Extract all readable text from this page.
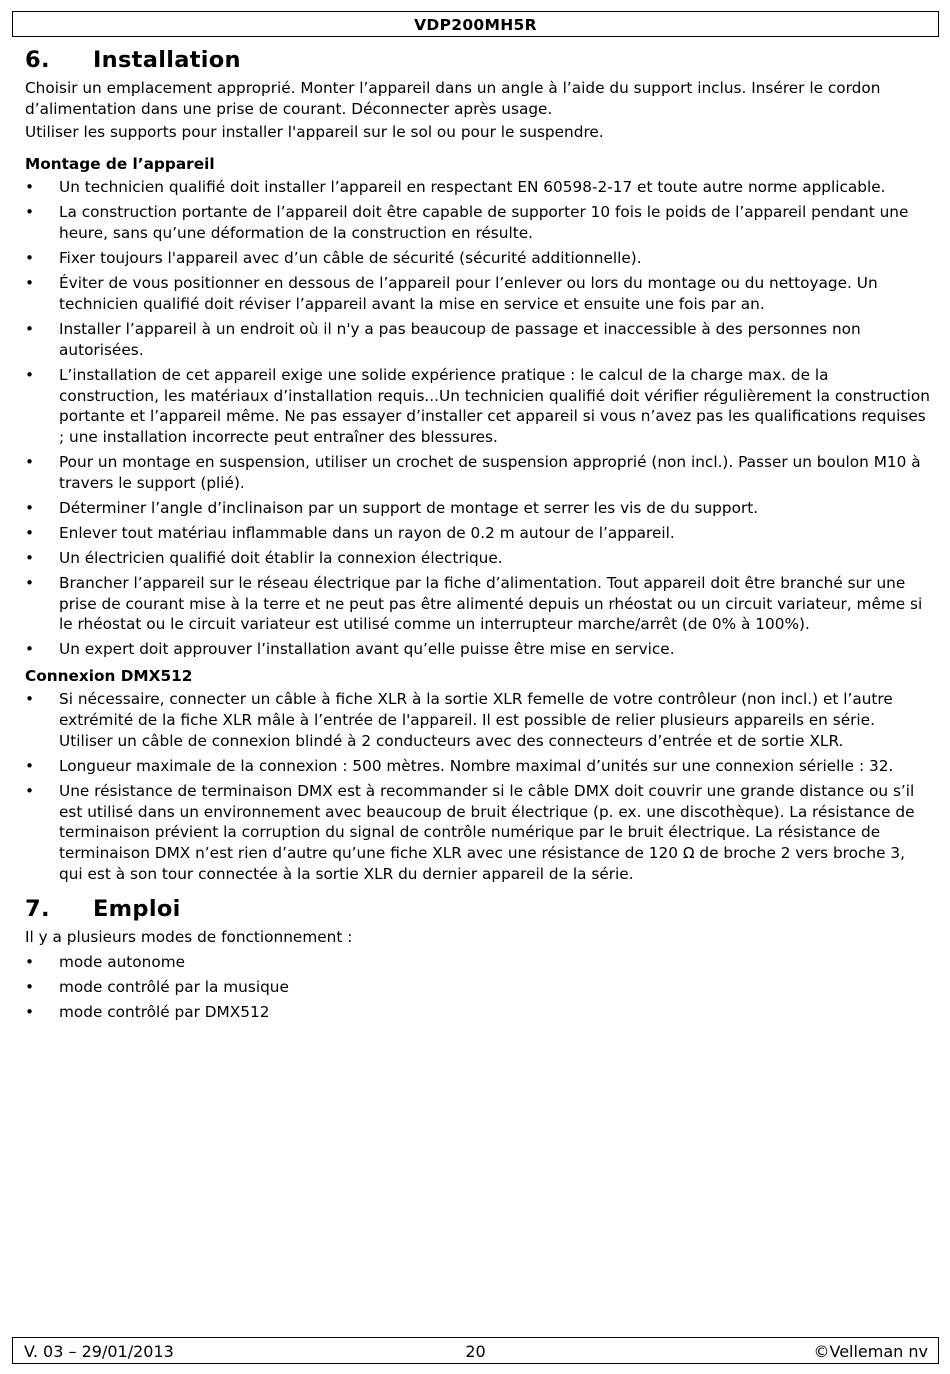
VDP200MH5R
6. Installation
Choisir un emplacement approprié. Monter l’appareil dans un angle à l’aide du support inclus. Insérer le cordon d’alimentation dans une prise de courant. Déconnecter après usage.
Utiliser les supports pour installer l'appareil sur le sol ou pour le suspendre.
Montage de l’appareil
• Un technicien qualifié doit installer l’appareil en respectant EN 60598-2-17 et toute autre norme applicable.
• La construction portante de l’appareil doit être capable de supporter 10 fois le poids de l’appareil pendant une heure, sans qu’une déformation de la construction en résulte.
• Fixer toujours l'appareil avec d’un câble de sécurité (sécurité additionnelle).
• Éviter de vous positionner en dessous de l’appareil pour l’enlever ou lors du montage ou du nettoyage. Un technicien qualifié doit réviser l’appareil avant la mise en service et ensuite une fois par an.
• Installer l’appareil à un endroit où il n'y a pas beaucoup de passage et inaccessible à des personnes non autorisées.
• L’installation de cet appareil exige une solide expérience pratique : le calcul de la charge max. de la construction, les matériaux d’installation requis...Un technicien qualifié doit vérifier régulièrement la construction portante et l’appareil même. Ne pas essayer d’installer cet appareil si vous n’avez pas les qualifications requises ; une installation incorrecte peut entraîner des blessures.
• Pour un montage en suspension, utiliser un crochet de suspension approprié (non incl.). Passer un boulon M10 à travers le support (plié).
• Déterminer l’angle d’inclinaison par un support de montage et serrer les vis de du support.
• Enlever tout matériau inflammable dans un rayon de 0.2 m autour de l’appareil.
• Un électricien qualifié doit établir la connexion électrique.
• Brancher l’appareil sur le réseau électrique par la fiche d’alimentation. Tout appareil doit être branché sur une prise de courant mise à la terre et ne peut pas être alimenté depuis un rhéostat ou un circuit variateur, même si le rhéostat ou le circuit variateur est utilisé comme un interrupteur marche/arrêt (de 0% à 100%).
• Un expert doit approuver l’installation avant qu’elle puisse être mise en service.
Connexion DMX512
• Si nécessaire, connecter un câble à fiche XLR à la sortie XLR femelle de votre contrôleur (non incl.) et l’autre extrémité de la fiche XLR mâle à l’entrée de l'appareil. Il est possible de relier plusieurs appareils en série. Utiliser un câble de connexion blindé à 2 conducteurs avec des connecteurs d’entrée et de sortie XLR.
• Longueur maximale de la connexion : 500 mètres. Nombre maximal d’unités sur une connexion sérielle : 32.
• Une résistance de terminaison DMX est à recommander si le câble DMX doit couvrir une grande distance ou s’il est utilisé dans un environnement avec beaucoup de bruit électrique (p. ex. une discothèque). La résistance de terminaison prévient la corruption du signal de contrôle numérique par le bruit électrique. La résistance de terminaison DMX n’est rien d’autre qu’une fiche XLR avec une résistance de 120 Ω de broche 2 vers broche 3, qui est à son tour connectée à la sortie XLR du dernier appareil de la série.
7. Emploi
Il y a plusieurs modes de fonctionnement :
• mode autonome
• mode contrôlé par la musique
• mode contrôlé par DMX512
V. 03 – 29/01/2013	20	©Velleman nv
